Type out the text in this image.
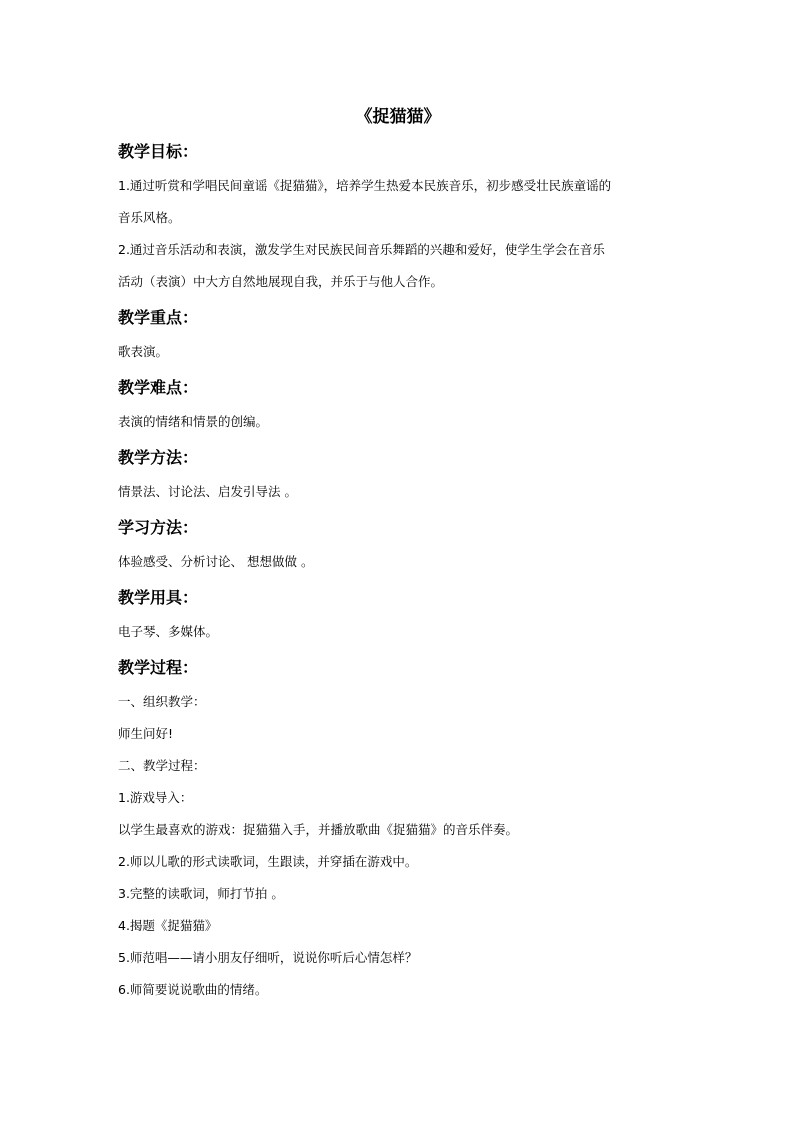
《捉猫猫》
教学目标：

1.通过听赏和学唱民间童谣《捉猫猫》，培养学生热爱本民族音乐，初步感受壮民族童谣的

音乐风格。

2.通过音乐活动和表演，激发学生对民族民间音乐舞蹈的兴趣和爱好，使学生学会在音乐

活动（表演）中大方自然地展现自我，并乐于与他人合作。

教学重点：

歌表演。

教学难点：

表演的情绪和情景的创编。

教学方法：

情景法、讨论法、启发引导法 。

学习方法：

体验感受、分析讨论、 想想做做 。

教学用具：

电子琴、多媒体。

教学过程：

一、组织教学：

师生问好!

二、教学过程：

1.游戏导入：

以学生最喜欢的游戏：捉猫猫入手，并播放歌曲《捉猫猫》的音乐伴奏。

2.师以儿歌的形式读歌词，生跟读，并穿插在游戏中。

3.完整的读歌词，师打节拍 。

4.揭题《捉猫猫》

5.师范唱——请小朋友仔细听，说说你听后心情怎样？

6.师简要说说歌曲的情绪。
